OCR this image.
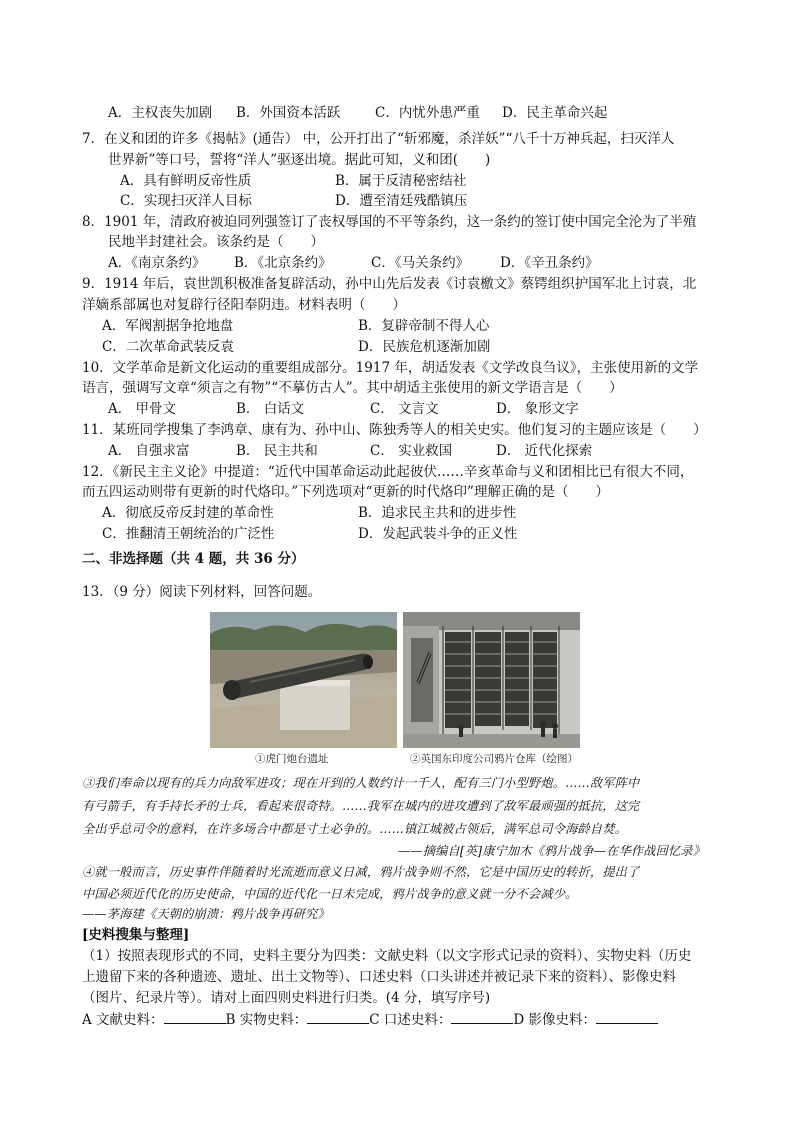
A．主权丧失加剧 B．外国资本活跃	C．内忧外患严重 D．民主革命兴起
7．在义和团的许多《揭帖》(通告） 中，公开打出了“斩邪魔，杀洋妖”“八千十万神兵起，扫灭洋人
世界新”等口号，誓将“洋人”驱逐出境。据此可知，义和团(　　)
A．具有鲜明反帝性质	B．属于反清秘密结社
C．实现扫灭洋人目标	D．遭至清廷残酷镇压
8．1901 年，清政府被迫同列强签订了丧权辱国的不平等条约，这一条约的签订使中国完全沦为了半殖
民地半封建社会。该条约是（　　）
A．《南京条约》 B．《北京条约》	C．《马关条约》 D．《辛丑条约》
9．1914 年后，袁世凯积极准备复辟活动，孙中山先后发表《讨袁檄文》蔡锷组织护国军北上讨袁，北
洋嫡系部属也对复辟行径阳奉阴违。材料表明（　　）
A．军阀割据争抢地盘	B．复辟帝制不得人心
C．二次革命武装反袁	D．民族危机逐渐加剧
10．文学革命是新文化运动的重要组成部分。1917 年，胡适发表《文学改良刍议》，主张使用新的文学
语言，强调写文章“须言之有物”“不摹仿古人”。其中胡适主张使用的新文学语言是（　　）
A． 甲骨文	B． 白话文	C． 文言文	D． 象形文字
11．某班同学搜集了李鸿章、康有为、孙中山、陈独秀等人的相关史实。他们复习的主题应该是（　　）
A． 自强求富	B． 民主共和	C． 实业救国	D． 近代化探索
12．《新民主主义论》中提道：“近代中国革命运动此起彼伏……辛亥革命与义和团相比已有很大不同，
而五四运动则带有更新的时代烙印。”下列选项对“更新的时代烙印”理解正确的是（　　）
A．彻底反帝反封建的革命性	B．追求民主共和的进步性
C．推翻清王朝统治的广泛性	D．发起武装斗争的正义性
二、非选择题（共 4 题，共 36 分）
13．（9 分）阅读下列材料，回答问题。
①虎门炮台遗址	②英国东印度公司鸦片仓库（绘图）
③我们奉命以现有的兵力向敌军进攻；现在开到的人数约计一千人，配有三门小型野炮。……敌军阵中
有弓箭手，有手持长矛的士兵，看起来很奇特。……我军在城内的进攻遭到了敌军最顽强的抵抗，这完
全出乎总司令的意料，在许多场合中都是寸土必争的。……镇江城被占领后，满军总司令海龄自焚。
——摘编自[英]康宁加木《鸦片战争—在华作战回忆录》
④就一般而言，历史事件伴随着时光流逝而意义日减，鸦片战争则不然，它是中国历史的转折，提出了
中国必须近代化的历史使命，中国的近代化一日未完成，鸦片战争的意义就一分不会减少。
——茅海建《天朝的崩溃：鸦片战争再研究》
[史料搜集与整理]
（1）按照表现形式的不同，史料主要分为四类：文献史料（以文字形式记录的资料）、实物史料（历史
上遗留下来的各种遗迹、遗址、出土文物等）、口述史料（口头讲述并被记录下来的资料）、影像史料
（图片、纪录片等）。请对上面四则史料进行归类。(4 分，填写序号)
A 文献史料：	B 实物史料：	C 口述史料：	D 影像史料：
